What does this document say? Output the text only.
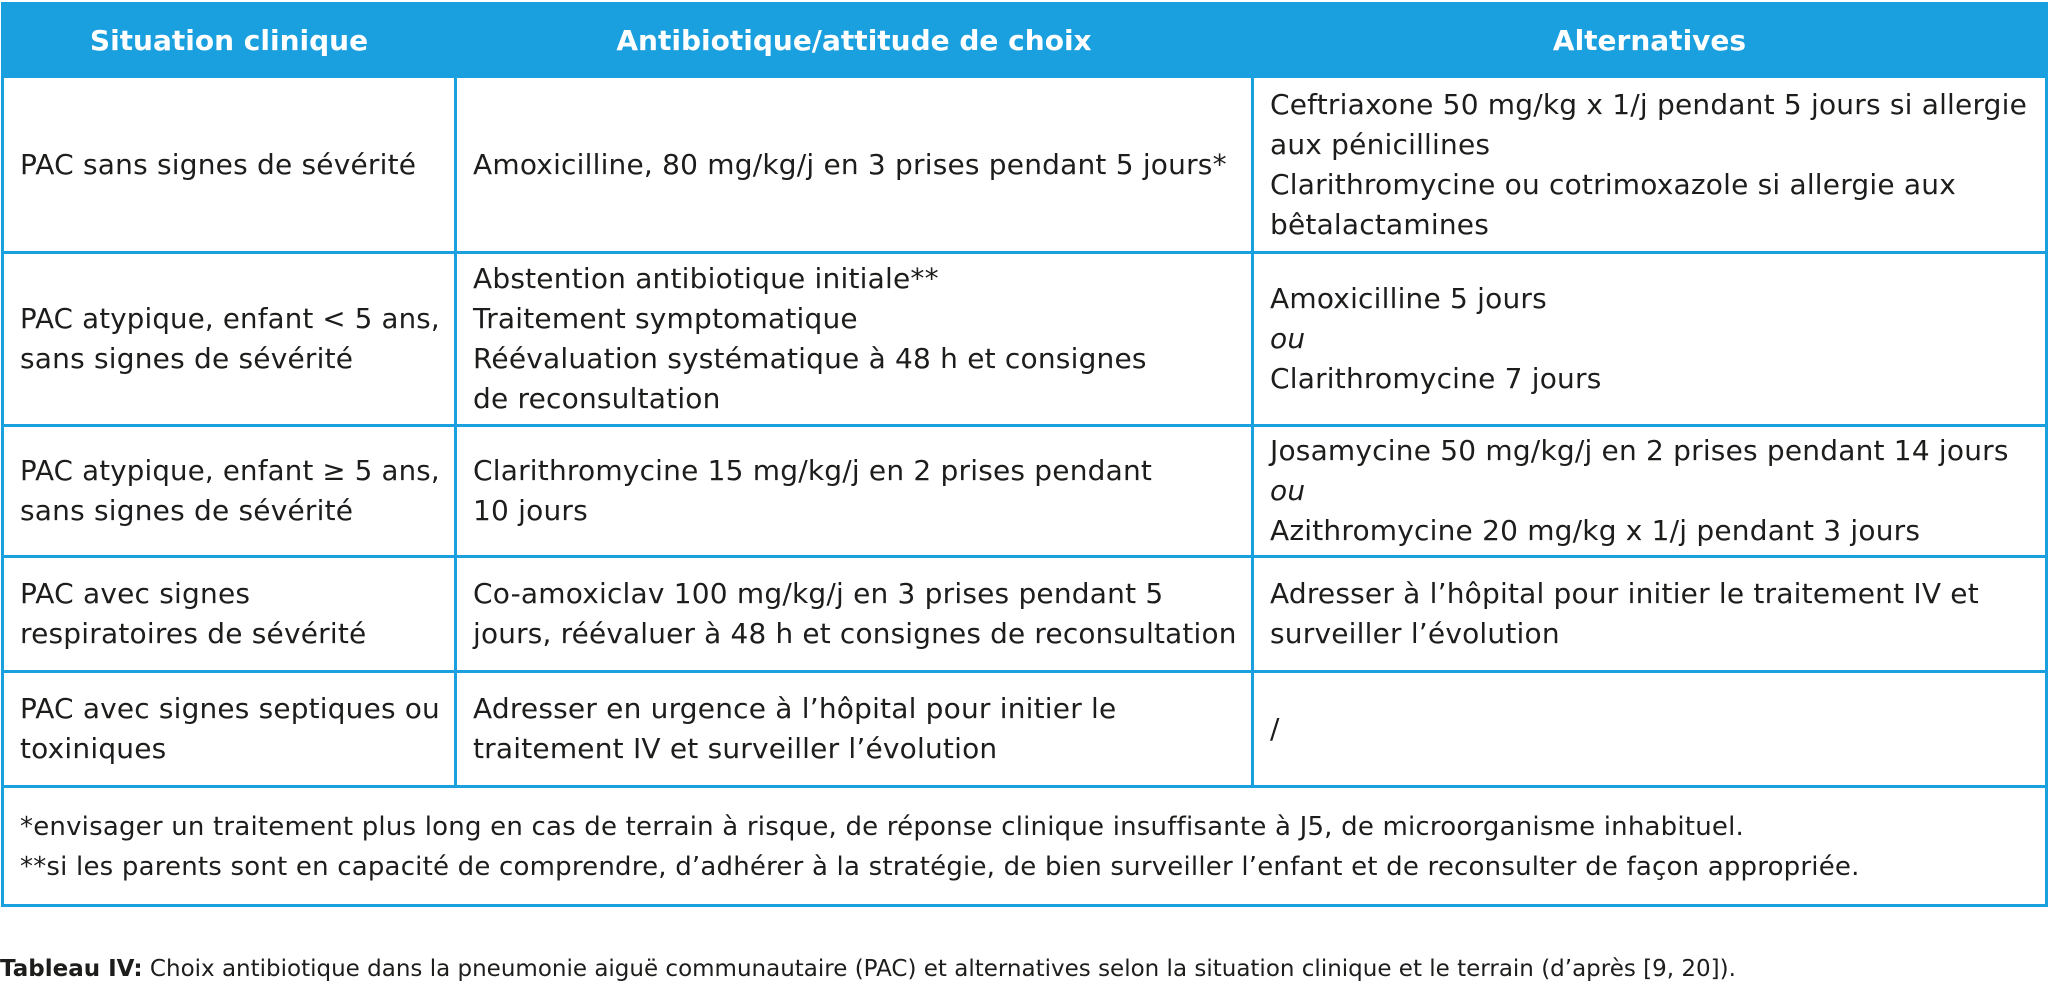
Situation clinique	Antibiotique/attitude de choix	Alternatives

PAC sans signes de sévérité	Amoxicilline, 80 mg/kg/j en 3 prises pendant 5 jours*	Ceftriaxone 50 mg/kg x 1/j pendant 5 jours si allergie
aux pénicillines
Clarithromycine ou cotrimoxazole si allergie aux
bêtalactamines

PAC atypique, enfant < 5 ans,
sans signes de sévérité	Abstention antibiotique initiale**
Traitement symptomatique
Réévaluation systématique à 48 h et consignes
de reconsultation	Amoxicilline 5 jours
ou
Clarithromycine 7 jours

PAC atypique, enfant ≥ 5 ans,
sans signes de sévérité	Clarithromycine 15 mg/kg/j en 2 prises pendant
10 jours	Josamycine 50 mg/kg/j en 2 prises pendant 14 jours
ou
Azithromycine 20 mg/kg x 1/j pendant 3 jours

PAC avec signes
respiratoires de sévérité	Co-amoxiclav 100 mg/kg/j en 3 prises pendant 5
jours, réévaluer à 48 h et consignes de reconsultation	Adresser à l’hôpital pour initier le traitement IV et
surveiller l’évolution

PAC avec signes septiques ou
toxiniques	Adresser en urgence à l’hôpital pour initier le
traitement IV et surveiller l’évolution	/

*envisager un traitement plus long en cas de terrain à risque, de réponse clinique insuffisante à J5, de microorganisme inhabituel.
**si les parents sont en capacité de comprendre, d’adhérer à la stratégie, de bien surveiller l’enfant et de reconsulter de façon appropriée.		
Tableau IV: Choix antibiotique dans la pneumonie aiguë communautaire (PAC) et alternatives selon la situation clinique et le terrain (d’après [9, 20]).
